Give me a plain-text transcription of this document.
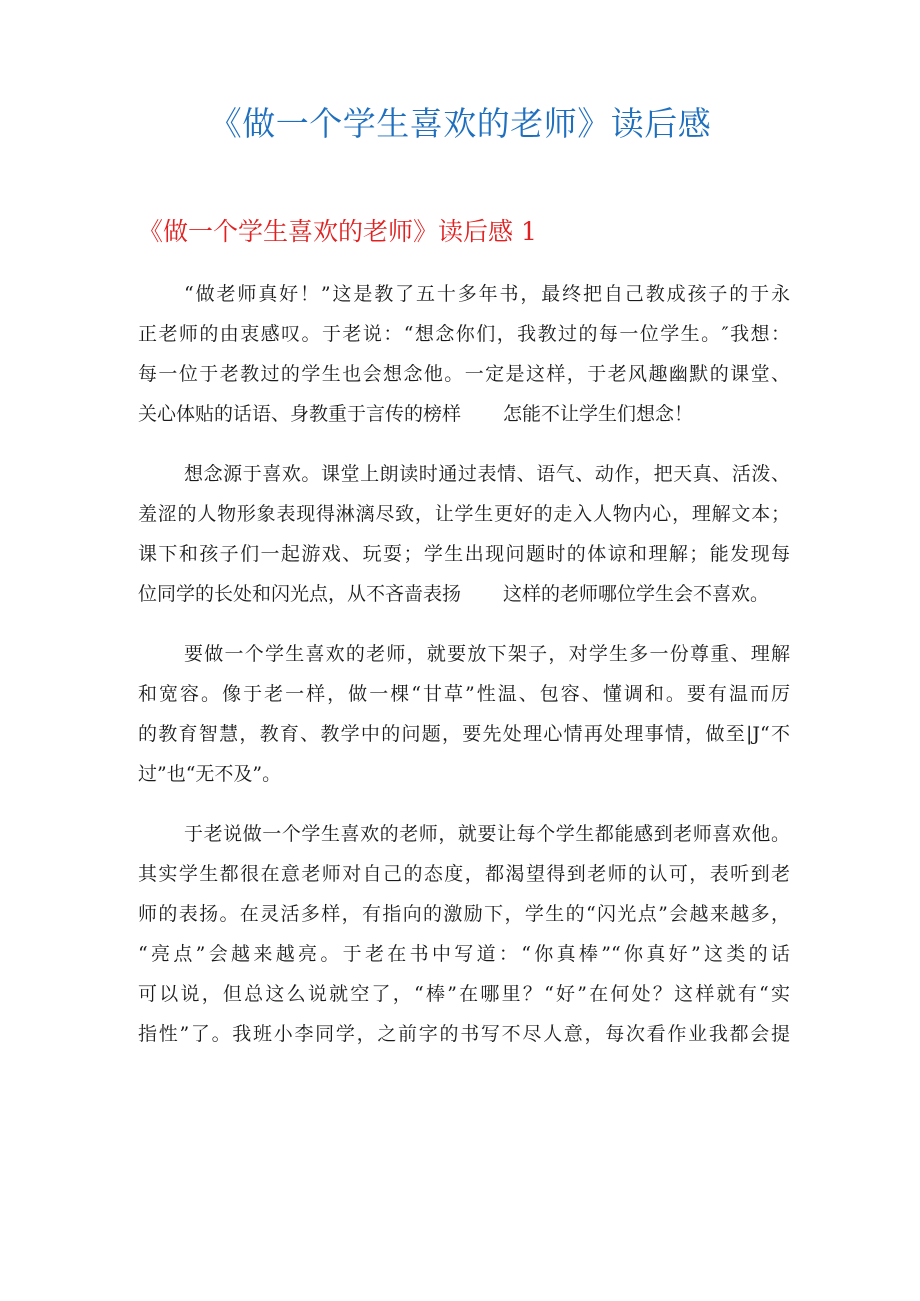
《做一个学生喜欢的老师》读后感
《做一个学生喜欢的老师》读后感 1
“做老师真好！”这是教了五十多年书，最终把自己教成孩子的于永
正老师的由衷感叹。于老说：“想念你们，我教过的每一位学生。″我想：
每一位于老教过的学生也会想念他。一定是这样，于老风趣幽默的课堂、
关心体贴的话语、身教重于言传的榜样 怎能不让学生们想念！
想念源于喜欢。课堂上朗读时通过表情、语气、动作，把天真、活泼、
羞涩的人物形象表现得淋漓尽致，让学生更好的走入人物内心，理解文本；
课下和孩子们一起游戏、玩耍；学生出现问题时的体谅和理解；能发现每
位同学的长处和闪光点，从不吝啬表扬 这样的老师哪位学生会不喜欢。
要做一个学生喜欢的老师，就要放下架子，对学生多一份尊重、理解
和宽容。像于老一样，做一棵“甘草”性温、包容、懂调和。要有温而厉
的教育智慧，教育、教学中的问题，要先处理心情再处理事情，做至|J“不
过”也“无不及”。
于老说做一个学生喜欢的老师，就要让每个学生都能感到老师喜欢他。
其实学生都很在意老师对自己的态度，都渴望得到老师的认可，表听到老
师的表扬。在灵活多样，有指向的激励下，学生的“闪光点”会越来越多，
“亮点”会越来越亮。于老在书中写道：“你真棒”“你真好”这类的话
可以说，但总这么说就空了，“棒”在哪里？“好”在何处？这样就有“实
指性”了。我班小李同学，之前字的书写不尽人意，每次看作业我都会提
